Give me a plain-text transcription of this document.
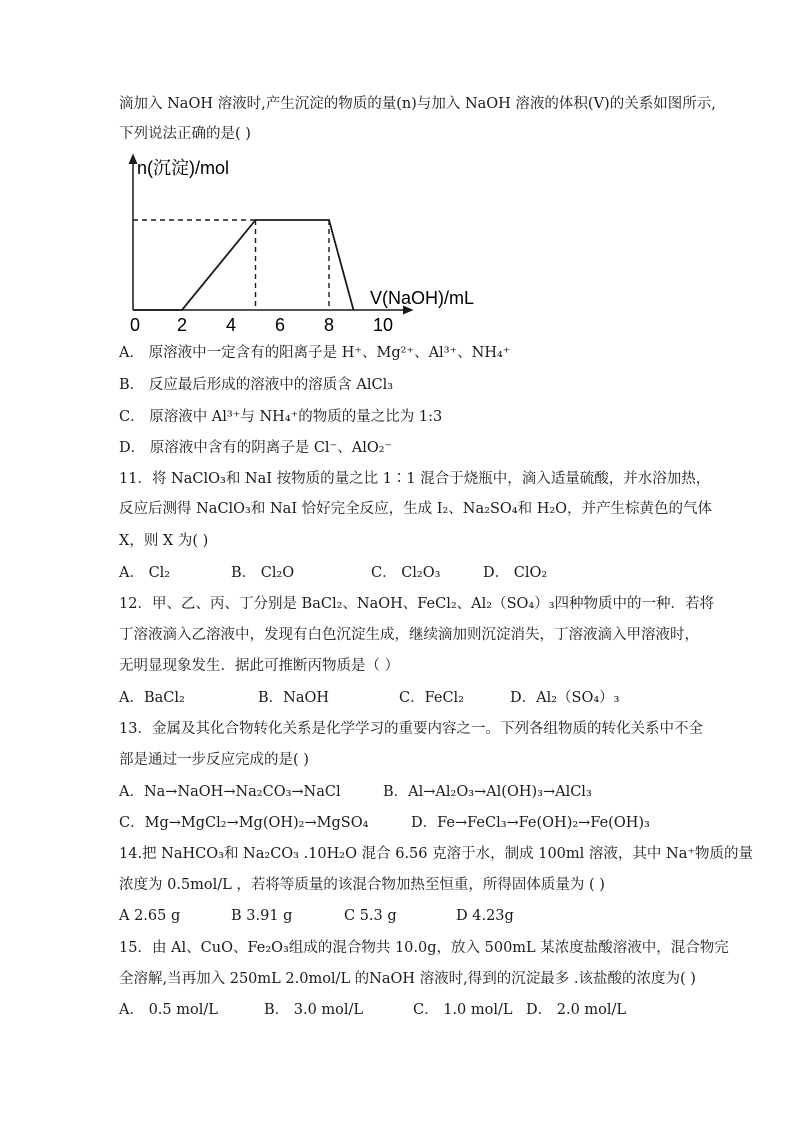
滴加入 NaOH 溶液时,产生沉淀的物质的量(n)与加入 NaOH 溶液的体积(V)的关系如图所示,
下列说法正确的是( )
n(沉淀)/mol
V(NaOH)/mL
0 2 4 6 8 10
A． 原溶液中一定含有的阳离子是 H⁺、Mg²⁺、Al³⁺、NH₄⁺
B． 反应最后形成的溶液中的溶质含 AlCl₃
C． 原溶液中 Al³⁺与 NH₄⁺的物质的量之比为 1:3
D． 原溶液中含有的阴离子是 Cl⁻、AlO₂⁻
11．将 NaClO₃和 NaI 按物质的量之比 1∶1 混合于烧瓶中，滴入适量硫酸，并水浴加热，
反应后测得 NaClO₃和 NaI 恰好完全反应，生成 I₂、Na₂SO₄和 H₂O，并产生棕黄色的气体
X，则 X 为( )
A． Cl₂	B． Cl₂O	C． Cl₂O₃	D． ClO₂
12．甲、乙、丙、丁分别是 BaCl₂、NaOH、FeCl₂、Al₂（SO₄）₃四种物质中的一种．若将
丁溶液滴入乙溶液中，发现有白色沉淀生成，继续滴加则沉淀消失，丁溶液滴入甲溶液时，
无明显现象发生．据此可推断丙物质是（ ）
A．BaCl₂	B．NaOH	C．FeCl₂	D．Al₂（SO₄）₃
13．金属及其化合物转化关系是化学学习的重要内容之一。下列各组物质的转化关系中不全
部是通过一步反应完成的是( )
A．Na→NaOH→Na₂CO₃→NaCl	B．Al→Al₂O₃→Al(OH)₃→AlCl₃
C．Mg→MgCl₂→Mg(OH)₂→MgSO₄	D．Fe→FeCl₃→Fe(OH)₂→Fe(OH)₃
14.把 NaHCO₃和 Na₂CO₃ .10H₂O 混合 6.56 克溶于水，制成 100ml 溶液，其中 Na⁺物质的量
浓度为 0.5mol/L ，若将等质量的该混合物加热至恒重，所得固体质量为 ( )
A 2.65 g	B 3.91 g	C 5.3 g	D 4.23g
15．由 Al、CuO、Fe₂O₃组成的混合物共 10.0g，放入 500mL 某浓度盐酸溶液中，混合物完
全溶解,当再加入 250mL 2.0mol/L 的NaOH 溶液时,得到的沉淀最多 .该盐酸的浓度为( )
A． 0.5 mol/L	B． 3.0 mol/L	C． 1.0 mol/L D． 2.0 mol/L
